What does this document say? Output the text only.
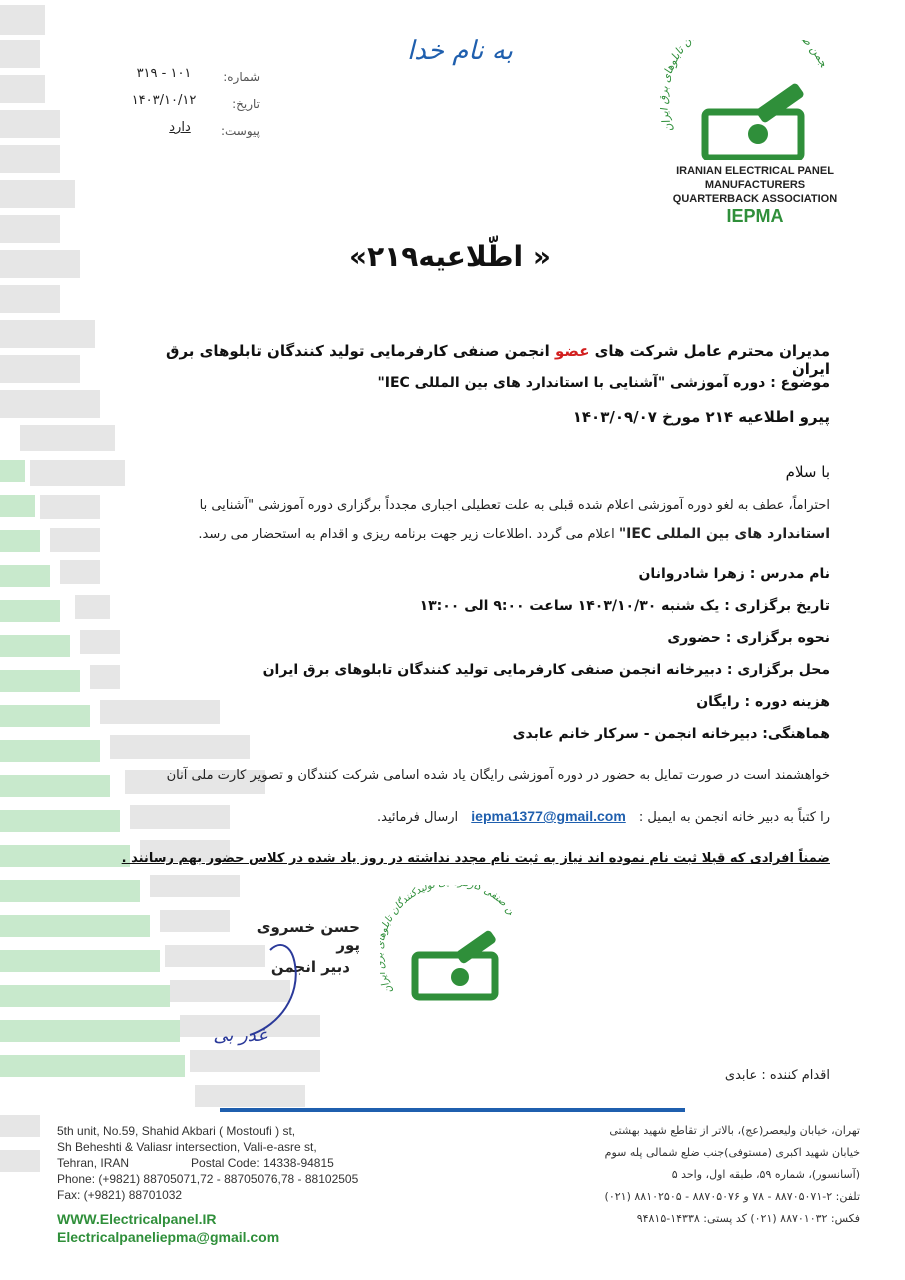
به نام خدا
شماره:
۳۱۹ - ۱۰۱
تاریخ:
۱۴۰۳/۱۰/۱۲
پیوست:
دارد
جمن ص ن تابلوهای ان
IRANIAN ELECTRICAL PANEL
MANUFACTURERS
QUARTERBACK ASSOCIATION
IEPMA
« اطّلاعیه۲۱۹»
مدیران محترم عامل شرکت های عضو انجمن صنفی کارفرمایی تولید کنندگان تابلوهای برق ایران
موضوع : دوره آموزشی "آشنایی با استاندارد های بین المللی IEC"
پیرو اطلاعیه ۲۱۴ مورخ ۱۴۰۳/۰۹/۰۷
با سلام
احتراماً، عطف به لغو دوره آموزشی اعلام شده قبلی به علت تعطیلی اجباری مجدداً برگزاری دوره آموزشی "آشنایی با
استاندارد های بین المللی IEC" اعلام می گردد .اطلاعات زیر جهت برنامه ریزی و اقدام به استحضار می رسد.
نام مدرس : زهرا شادروانان
تاریخ برگزاری : یک شنبه ۱۴۰۳/۱۰/۳۰ ساعت ۹:۰۰ الی ۱۳:۰۰
نحوه برگزاری : حضوری
محل برگزاری : دبیرخانه انجمن صنفی کارفرمایی تولید کنندگان تابلوهای برق ایران
هزینه دوره : رایگان
هماهنگی: دبیرخانه انجمن - سرکار خانم عابدی
خواهشمند است در صورت تمایل به حضور در دوره آموزشی رایگان یاد شده اسامی شرکت کنندگان و تصویر کارت ملی آنان
را کتباً به دبیر خانه انجمن به ایمیل : iepma1377@gmail.com ارسال فرمائید.
ضمناً افرادی که قبلا ثبت نام نموده اند نیاز به ثبت نام مجدد نداشته در روز یاد شده در کلاس حضور بهم رسانند .
حسن خسروی پور
دبیر انجمن
غدر بی
ن صنفی کا تولیدکنندگان تابل ان
اقدام کننده : عابدی
5th unit, No.59, Shahid Akbari ( Mostoufi ) st,
Sh Beheshti & Valiasr intersection, Vali-e-asre st,
Tehran, IRAN	Postal Code: 14338-94815
Phone: (+9821) 88705071,72 - 88705076,78 - 88102505
Fax: (+9821) 88701032
WWW.Electricalpanel.IR
Electricalpaneliepma@gmail.com
تهران، خیابان ولیعصر(عج)، بالاتر از تقاطع شهید بهشتی
خیابان شهید اکبری (مستوفی)جنب ضلع شمالی پله سوم
(آسانسور)، شماره ۵۹، طبقه اول، واحد ۵
تلفن: ۲-۸۸۷۰۵۰۷۱ - ۷۸ و ۸۸۷۰۵۰۷۶ - ۸۸۱۰۲۵۰۵ (۰۲۱)
فکس: ۸۸۷۰۱۰۳۲ (۰۲۱) کد پستی: ۱۴۳۳۸-۹۴۸۱۵
